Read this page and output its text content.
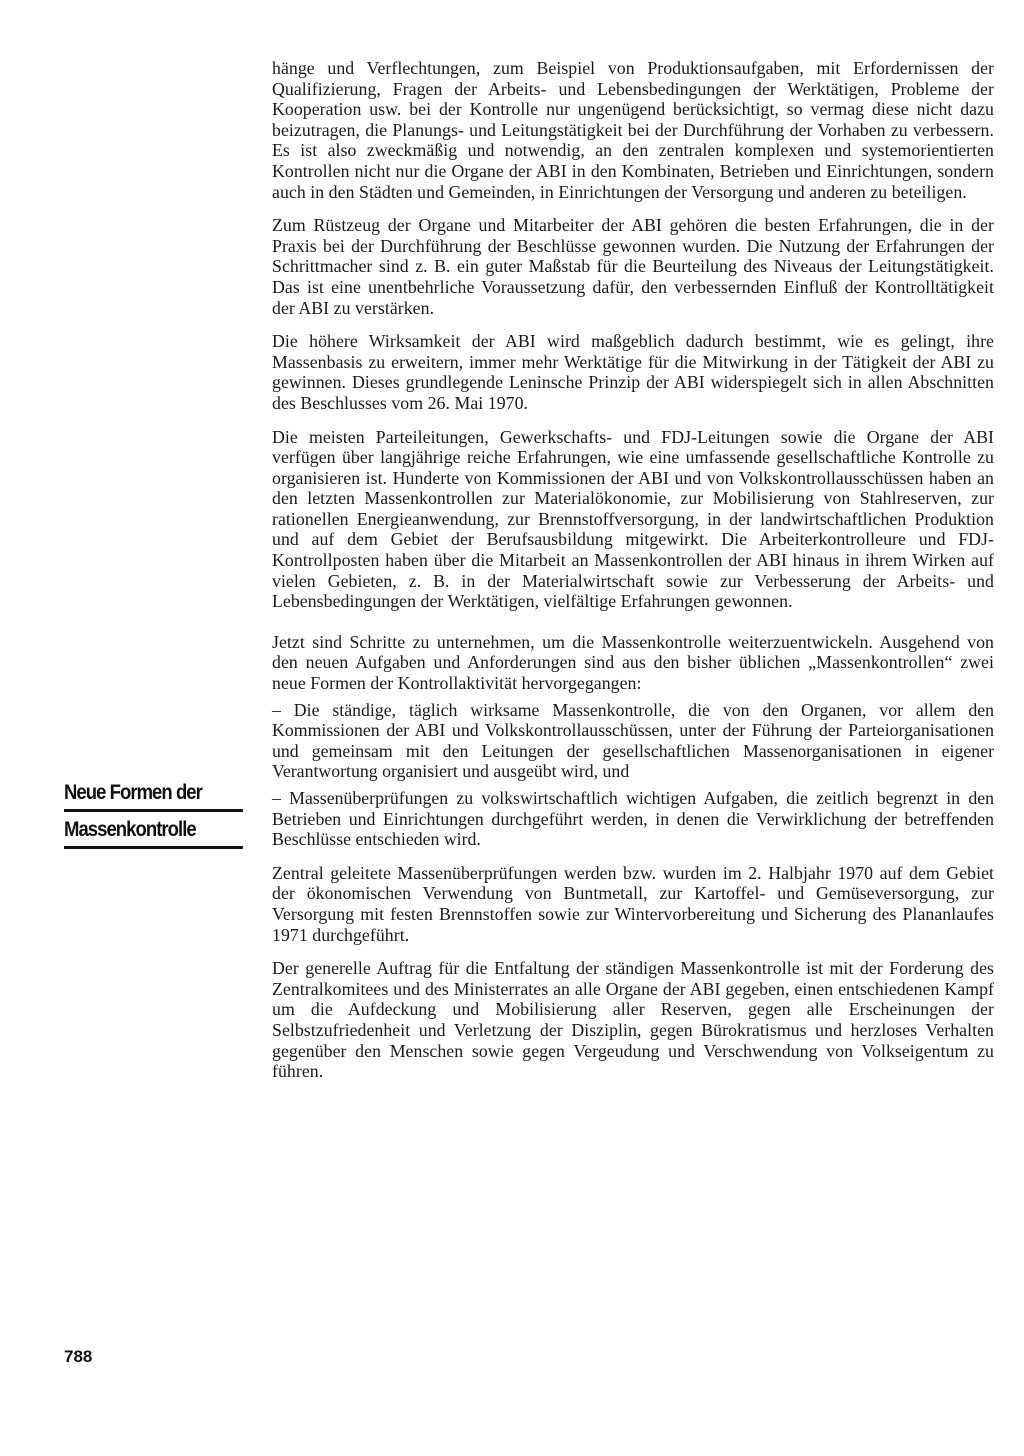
hänge und Verflechtungen, zum Beispiel von Produktionsaufgaben, mit Erfordernissen der Qualifizierung, Fragen der Arbeits- und Lebensbedingungen der Werktätigen, Probleme der Kooperation usw. bei der Kontrolle nur ungenügend berücksichtigt, so vermag diese nicht dazu beizutragen, die Planungs- und Leitungstätigkeit bei der Durchführung der Vorhaben zu verbessern. Es ist also zweckmäßig und notwendig, an den zentralen komplexen und systemorientierten Kontrollen nicht nur die Organe der ABI in den Kombinaten, Betrieben und Einrichtungen, sondern auch in den Städten und Gemeinden, in Einrichtungen der Versorgung und anderen zu beteiligen.

Zum Rüstzeug der Organe und Mitarbeiter der ABI gehören die besten Erfahrungen, die in der Praxis bei der Durchführung der Beschlüsse gewonnen wurden. Die Nutzung der Erfahrungen der Schrittmacher sind z. B. ein guter Maßstab für die Beurteilung des Niveaus der Leitungstätigkeit. Das ist eine unentbehrliche Voraussetzung dafür, den verbessernden Einfluß der Kontrolltätigkeit der ABI zu verstärken.

Die höhere Wirksamkeit der ABI wird maßgeblich dadurch bestimmt, wie es gelingt, ihre Massenbasis zu erweitern, immer mehr Werktätige für die Mitwirkung in der Tätigkeit der ABI zu gewinnen. Dieses grundlegende Leninsche Prinzip der ABI widerspiegelt sich in allen Abschnitten des Beschlusses vom 26. Mai 1970.

Die meisten Parteileitungen, Gewerkschafts- und FDJ-Leitungen sowie die Organe der ABI verfügen über langjährige reiche Erfahrungen, wie eine umfassende gesellschaftliche Kontrolle zu organisieren ist. Hunderte von Kommissionen der ABI und von Volkskontrollausschüssen haben an den letzten Massenkontrollen zur Materialökonomie, zur Mobilisierung von Stahlreserven, zur rationellen Energieanwendung, zur Brennstoffversorgung, in der landwirtschaftlichen Produktion und auf dem Gebiet der Berufsausbildung mitgewirkt. Die Arbeiterkontrolleure und FDJ-Kontrollposten haben über die Mitarbeit an Massenkontrollen der ABI hinaus in ihrem Wirken auf vielen Gebieten, z. B. in der Materialwirtschaft sowie zur Verbesserung der Arbeits- und Lebensbedingungen der Werktätigen, vielfältige Erfahrungen gewonnen.

Jetzt sind Schritte zu unternehmen, um die Massenkontrolle weiterzuentwickeln. Ausgehend von den neuen Aufgaben und Anforderungen sind aus den bisher üblichen „Massenkontrollen“ zwei neue Formen der Kontrollaktivität hervorgegangen:

– Die ständige, täglich wirksame Massenkontrolle, die von den Organen, vor allem den Kommissionen der ABI und Volkskontrollausschüssen, unter der Führung der Parteiorganisationen und gemeinsam mit den Leitungen der gesellschaftlichen Massenorganisationen in eigener Verantwortung organisiert und ausgeübt wird, und

– Massenüberprüfungen zu volkswirtschaftlich wichtigen Aufgaben, die zeitlich begrenzt in den Betrieben und Einrichtungen durchgeführt werden, in denen die Verwirklichung der betreffenden Beschlüsse entschieden wird.

Zentral geleitete Massenüberprüfungen werden bzw. wurden im 2. Halbjahr 1970 auf dem Gebiet der ökonomischen Verwendung von Buntmetall, zur Kartoffel- und Gemüseversorgung, zur Versorgung mit festen Brennstoffen sowie zur Wintervorbereitung und Sicherung des Plananlaufes 1971 durchgeführt.

Der generelle Auftrag für die Entfaltung der ständigen Massenkontrolle ist mit der Forderung des Zentralkomitees und des Ministerrates an alle Organe der ABI gegeben, einen entschiedenen Kampf um die Aufdeckung und Mobilisierung aller Reserven, gegen alle Erscheinungen der Selbstzufriedenheit und Verletzung der Disziplin, gegen Bürokratismus und herzloses Verhalten gegenüber den Menschen sowie gegen Vergeudung und Verschwendung von Volkseigentum zu führen.

Neue Formen der
Massenkontrolle
788
